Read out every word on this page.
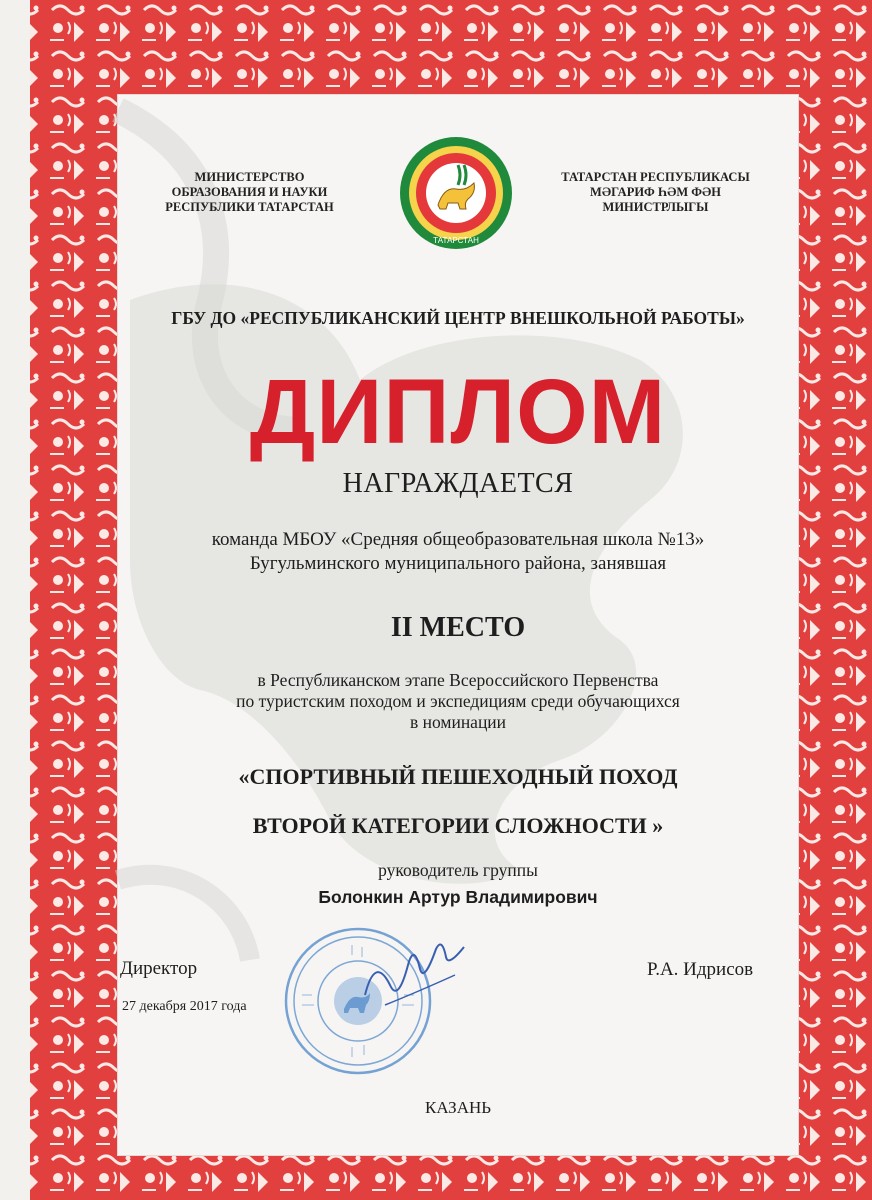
МИНИСТЕРСТВО
ОБРАЗОВАНИЯ И НАУКИ
РЕСПУБЛИКИ ТАТАРСТАН
ТАТАРСТАН
ТАТАРСТАН РЕСПУБЛИКАСЫ
МӘГАРИФ ҺӘМ ФӘН
МИНИСТРЛЫГЫ
ГБУ ДО «РЕСПУБЛИКАНСКИЙ ЦЕНТР ВНЕШКОЛЬНОЙ РАБОТЫ»
ДИПЛОМ
НАГРАЖДАЕТСЯ
команда МБОУ «Средняя общеобразовательная школа №13»
Бугульминского муниципального района, занявшая
II МЕСТО
в Республиканском этапе Всероссийского Первенства
по туристским походом и экспедициям среди обучающихся
в номинации
«СПОРТИВНЫЙ ПЕШЕХОДНЫЙ ПОХОД
ВТОРОЙ КАТЕГОРИИ СЛОЖНОСТИ »
руководитель группы
Болонкин Артур Владимирович
Директор
27 декабря 2017 года
Р.А. Идрисов
КАЗАНЬ
